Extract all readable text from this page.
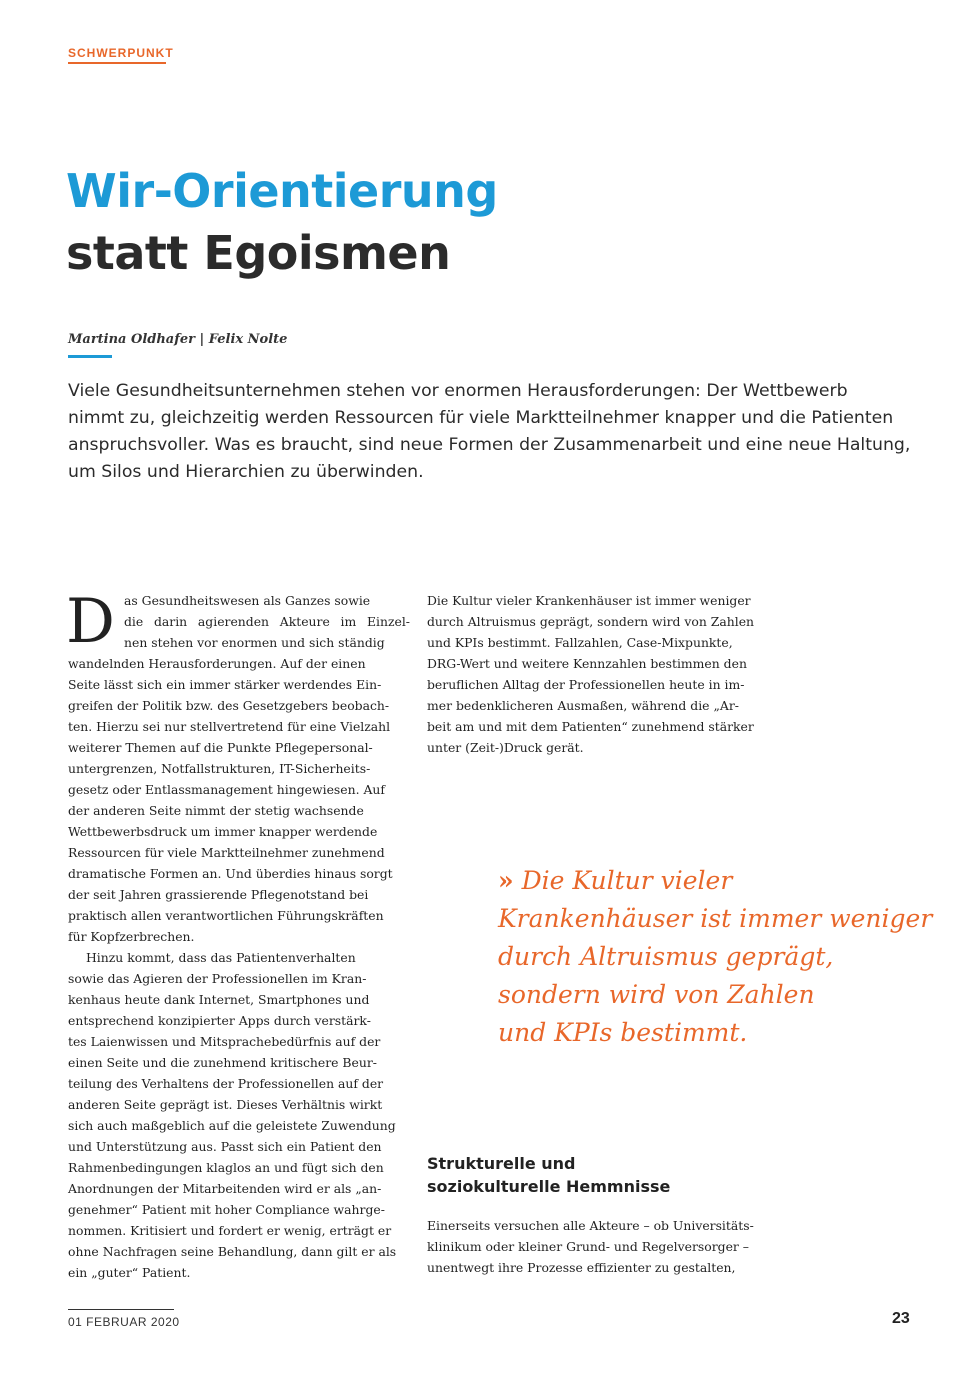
SCHWERPUNKT
Wir-Orientierung
statt Egoismen
Martina Oldhafer | Felix Nolte
Viele Gesundheitsunternehmen stehen vor enormen Herausforderungen: Der Wettbewerb
nimmt zu, gleichzeitig werden Ressourcen für viele Marktteilnehmer knapper und die Patienten
anspruchsvoller. Was es braucht, sind neue Formen der Zusammenarbeit und eine neue Haltung,
um Silos und Hierarchien zu überwinden.
D as Gesundheitswesen als Ganzes sowie
die darin agierenden Akteure im Einzel-
nen stehen vor enormen und sich ständig
wandelnden Herausforderungen. Auf der einen
Seite lässt sich ein immer stärker werdendes Ein-
greifen der Politik bzw. des Gesetzgebers beobach-
ten. Hierzu sei nur stellvertretend für eine Vielzahl
weiterer Themen auf die Punkte Pflegepersonal-
untergrenzen, Notfallstrukturen, IT-Sicherheits-
gesetz oder Entlassmanagement hingewiesen. Auf
der anderen Seite nimmt der stetig wachsende
Wettbewerbsdruck um immer knapper werdende
Ressourcen für viele Marktteilnehmer zunehmend
dramatische Formen an. Und überdies hinaus sorgt
der seit Jahren grassierende Pflegenotstand bei
praktisch allen verantwortlichen Führungskräften
für Kopfzerbrechen.
Hinzu kommt, dass das Patientenverhalten
sowie das Agieren der Professionellen im Kran-
kenhaus heute dank Internet, Smartphones und
entsprechend konzipierter Apps durch verstärk-
tes Laienwissen und Mitsprachebedürfnis auf der
einen Seite und die zunehmend kritischere Beur-
teilung des Verhaltens der Professionellen auf der
anderen Seite geprägt ist. Dieses Verhältnis wirkt
sich auch maßgeblich auf die geleistete Zuwendung
und Unterstützung aus. Passt sich ein Patient den
Rahmenbedingungen klaglos an und fügt sich den
Anordnungen der Mitarbeitenden wird er als „an-
genehmer“ Patient mit hoher Compliance wahrge-
nommen. Kritisiert und fordert er wenig, erträgt er
ohne Nachfragen seine Behandlung, dann gilt er als
ein „guter“ Patient.
Die Kultur vieler Krankenhäuser ist immer weniger
durch Altruismus geprägt, sondern wird von Zahlen
und KPIs bestimmt. Fallzahlen, Case-Mixpunkte,
DRG-Wert und weitere Kennzahlen bestimmen den
beruflichen Alltag der Professionellen heute in im-
mer bedenklicheren Ausmaßen, während die „Ar-
beit am und mit dem Patienten“ zunehmend stärker
unter (Zeit-)Druck gerät.
» Die Kultur vieler
Krankenhäuser ist immer weniger
durch Altruismus geprägt,
sondern wird von Zahlen
und KPIs bestimmt.
Strukturelle und
soziokulturelle Hemmnisse
Einerseits versuchen alle Akteure – ob Universitäts-
klinikum oder kleiner Grund- und Regelversorger –
unentwegt ihre Prozesse effizienter zu gestalten,
01 FEBRUAR 2020	23
